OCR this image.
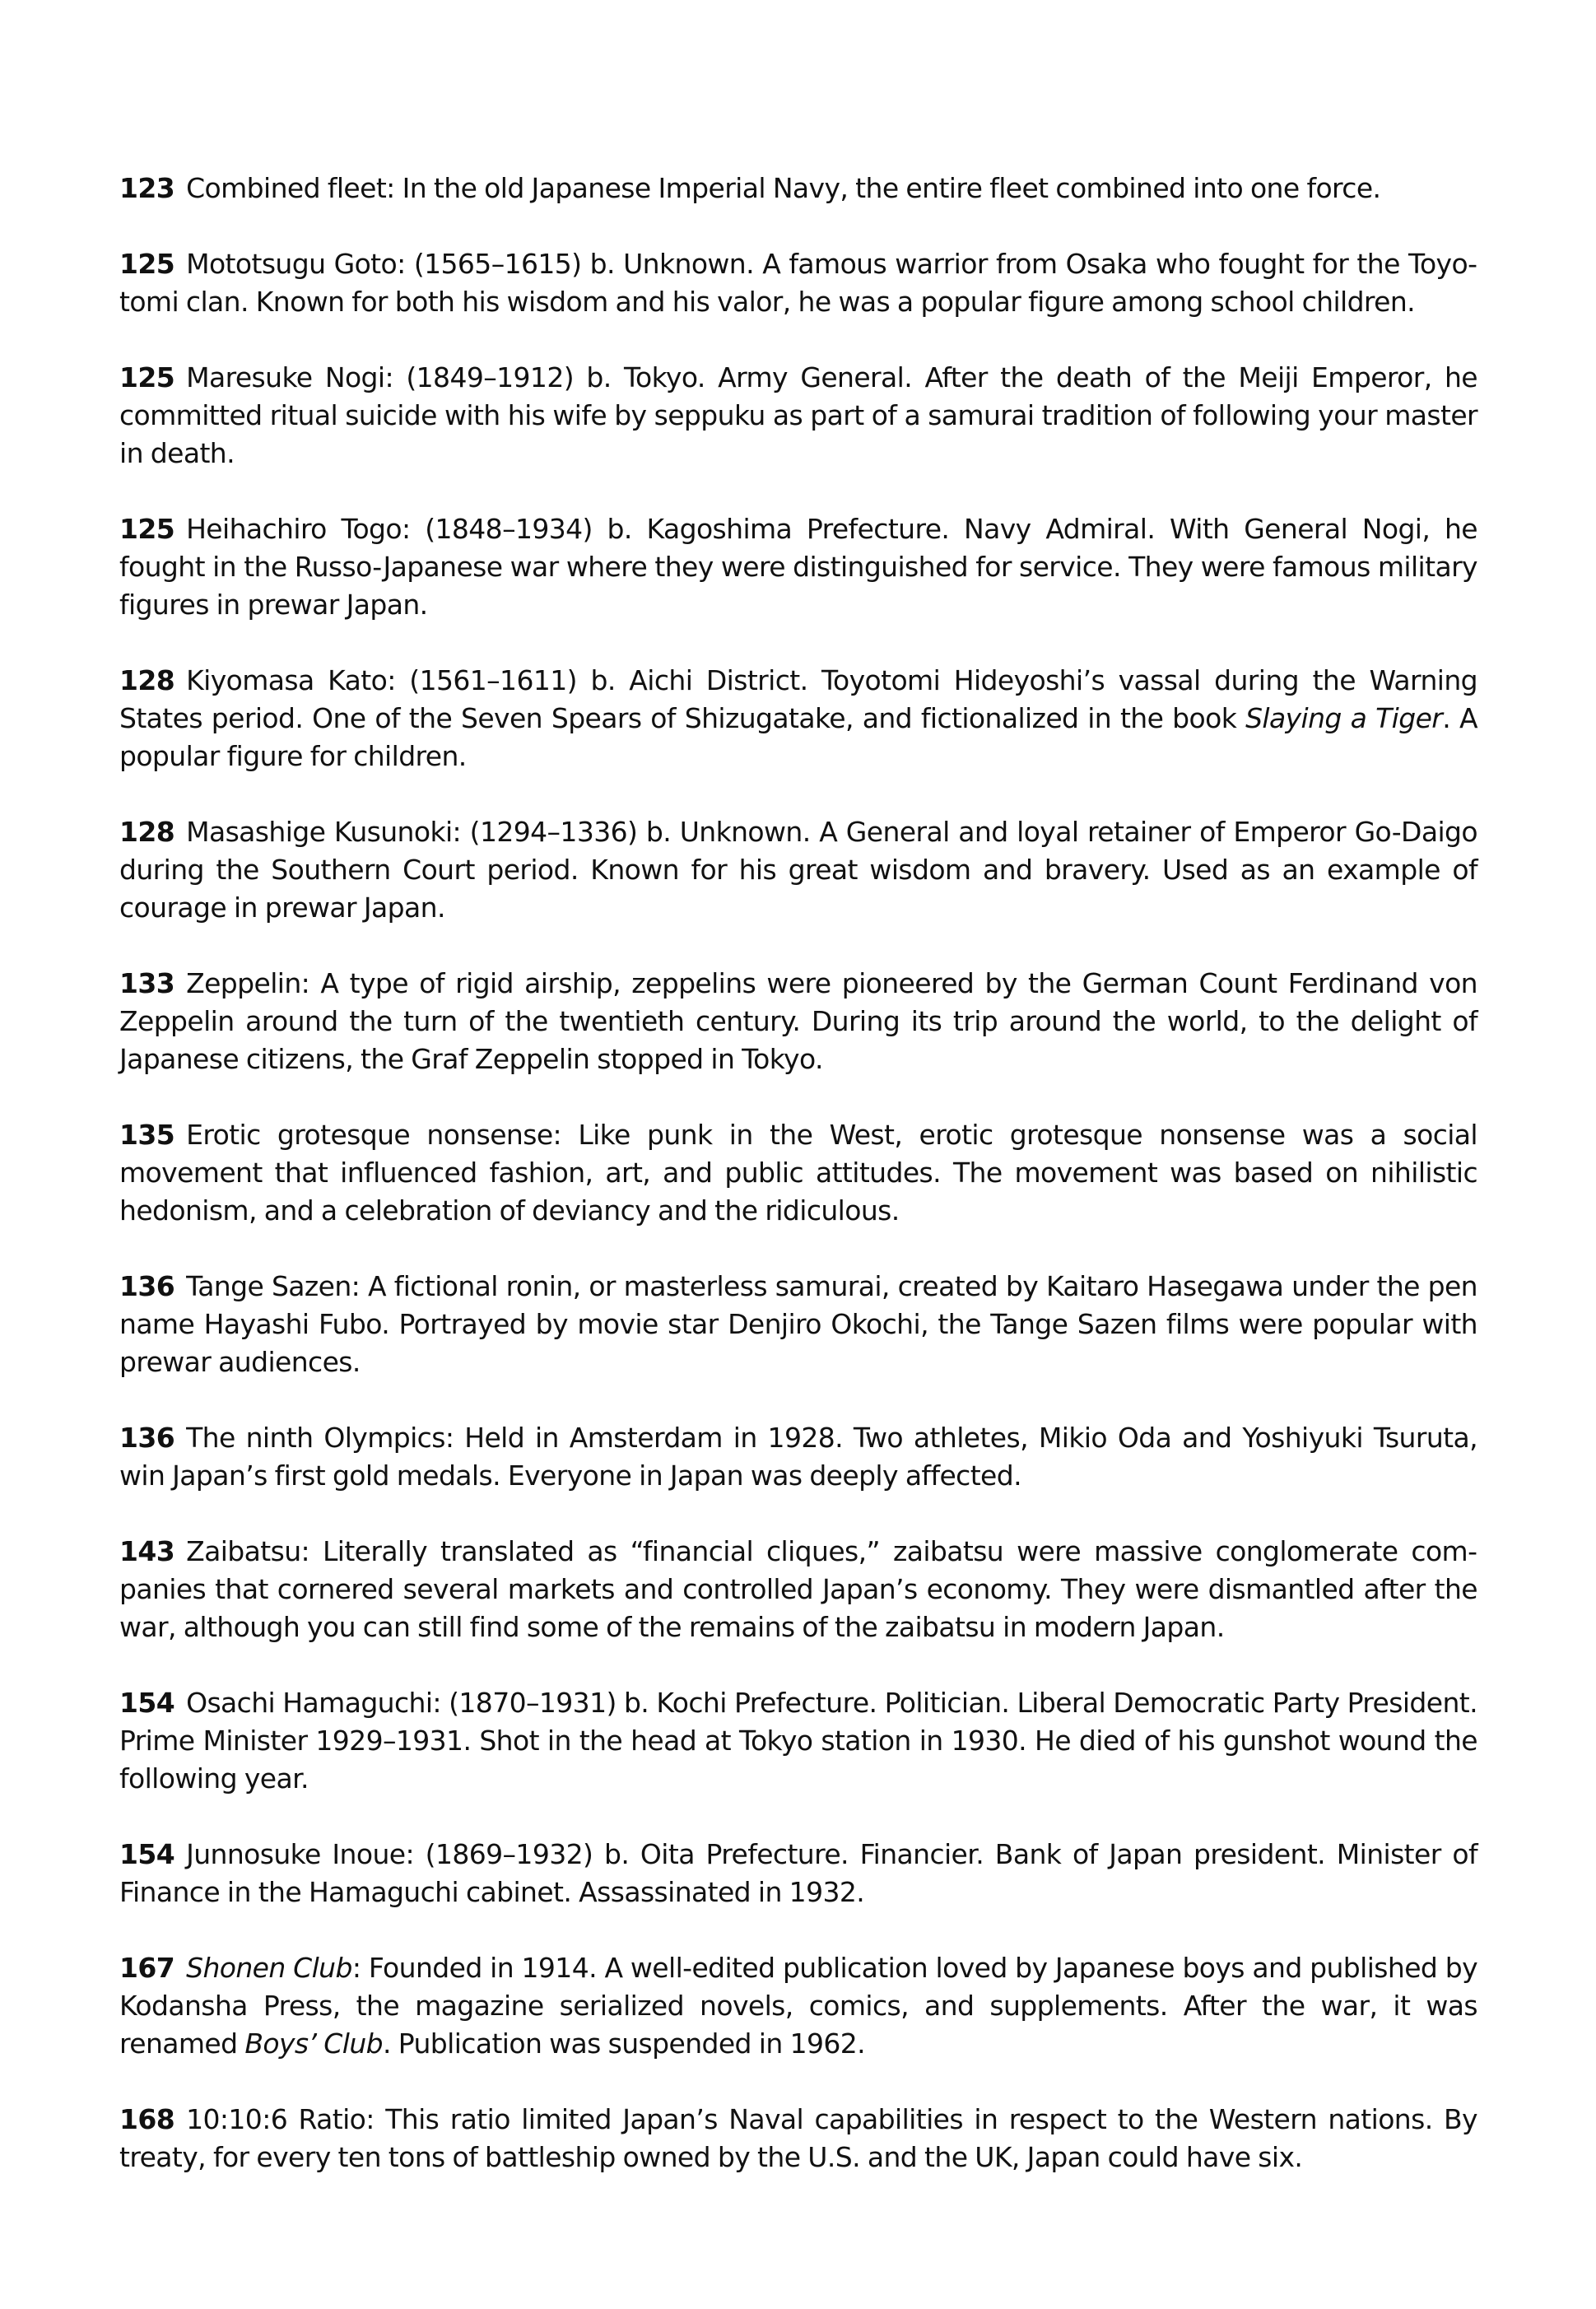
123 Combined fleet: In the old Japanese Imperial Navy, the entire fleet combined into one force.

125 Mototsugu Goto: (1565–1615) b. Unknown. A famous warrior from Osaka who fought for the Toyotomi clan. Known for both his wisdom and his valor, he was a popular figure among school children.

125 Maresuke Nogi: (1849–1912) b. Tokyo. Army General. After the death of the Meiji Emperor, he committed ritual suicide with his wife by seppuku as part of a samurai tradition of following your master in death.

125 Heihachiro Togo: (1848–1934) b. Kagoshima Prefecture. Navy Admiral. With General Nogi, he fought in the Russo-Japanese war where they were distinguished for service. They were famous military figures in prewar Japan.

128 Kiyomasa Kato: (1561–1611) b. Aichi District. Toyotomi Hideyoshi’s vassal during the Warning States period. One of the Seven Spears of Shizugatake, and fictionalized in the book Slaying a Tiger. A popular figure for children.

128 Masashige Kusunoki: (1294–1336) b. Unknown. A General and loyal retainer of Emperor Go-Daigo during the Southern Court period. Known for his great wisdom and bravery. Used as an example of courage in prewar Japan.

133 Zeppelin: A type of rigid airship, zeppelins were pioneered by the German Count Ferdinand von Zeppelin around the turn of the twentieth century. During its trip around the world, to the delight of Japanese citizens, the Graf Zeppelin stopped in Tokyo.

135 Erotic grotesque nonsense: Like punk in the West, erotic grotesque nonsense was a social movement that influenced fashion, art, and public attitudes. The movement was based on nihilistic hedonism, and a celebration of deviancy and the ridiculous.

136 Tange Sazen: A fictional ronin, or masterless samurai, created by Kaitaro Hasegawa under the pen name Hayashi Fubo. Portrayed by movie star Denjiro Okochi, the Tange Sazen films were popular with prewar audiences.

136 The ninth Olympics: Held in Amsterdam in 1928. Two athletes, Mikio Oda and Yoshiyuki Tsuruta, win Japan’s first gold medals. Everyone in Japan was deeply affected.

143 Zaibatsu: Literally translated as “financial cliques,” zaibatsu were massive conglomerate companies that cornered several markets and controlled Japan’s economy. They were dismantled after the war, although you can still find some of the remains of the zaibatsu in modern Japan.

154 Osachi Hamaguchi: (1870–1931) b. Kochi Prefecture. Politician. Liberal Democratic Party President. Prime Minister 1929–1931. Shot in the head at Tokyo station in 1930. He died of his gunshot wound the following year.

154 Junnosuke Inoue: (1869–1932) b. Oita Prefecture. Financier. Bank of Japan president. Minister of Finance in the Hamaguchi cabinet. Assassinated in 1932.

167 Shonen Club: Founded in 1914. A well-edited publication loved by Japanese boys and published by Kodansha Press, the magazine serialized novels, comics, and supplements. After the war, it was renamed Boys’ Club. Publication was suspended in 1962.

168 10:10:6 Ratio: This ratio limited Japan’s Naval capabilities in respect to the Western nations. By treaty, for every ten tons of battleship owned by the U.S. and the UK, Japan could have six.
